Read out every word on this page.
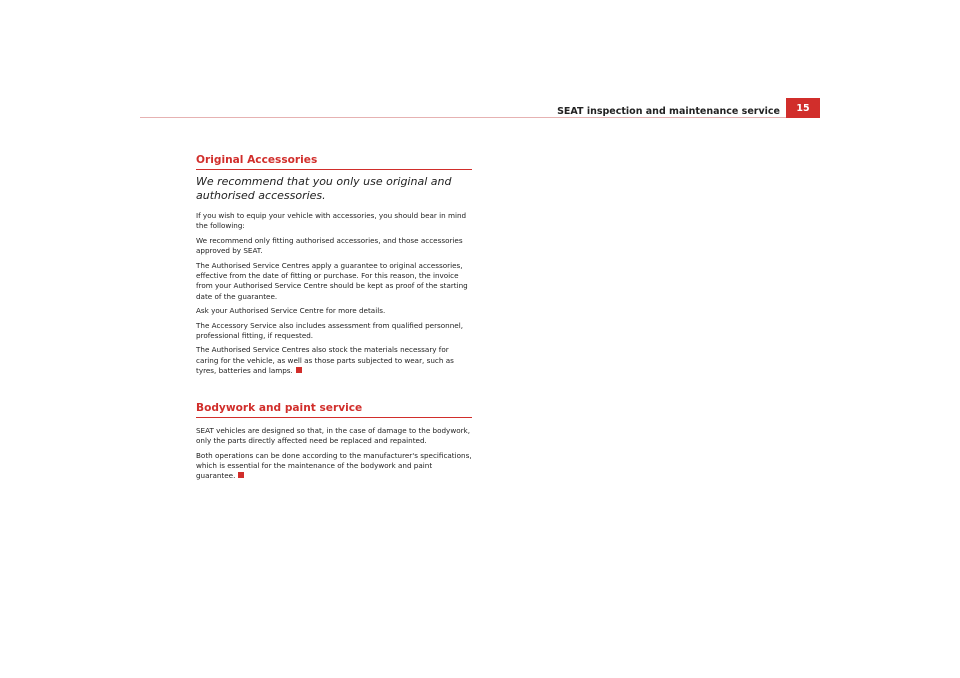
SEAT inspection and maintenance service 15
Original Accessories

We recommend that you only use original and authorised accessories.

If you wish to equip your vehicle with accessories, you should bear in mind the following:

We recommend only fitting authorised accessories, and those accessories approved by SEAT.

The Authorised Service Centres apply a guarantee to original accessories, effective from the date of fitting or purchase. For this reason, the invoice from your Authorised Service Centre should be kept as proof of the starting date of the guarantee.

Ask your Authorised Service Centre for more details.

The Accessory Service also includes assessment from qualified personnel, professional fitting, if requested.

The Authorised Service Centres also stock the materials necessary for caring for the vehicle, as well as those parts subjected to wear, such as tyres, batteries and lamps.

Bodywork and paint service

SEAT vehicles are designed so that, in the case of damage to the bodywork, only the parts directly affected need be replaced and repainted.

Both operations can be done according to the manufacturer's specifications, which is essential for the maintenance of the bodywork and paint guarantee.
